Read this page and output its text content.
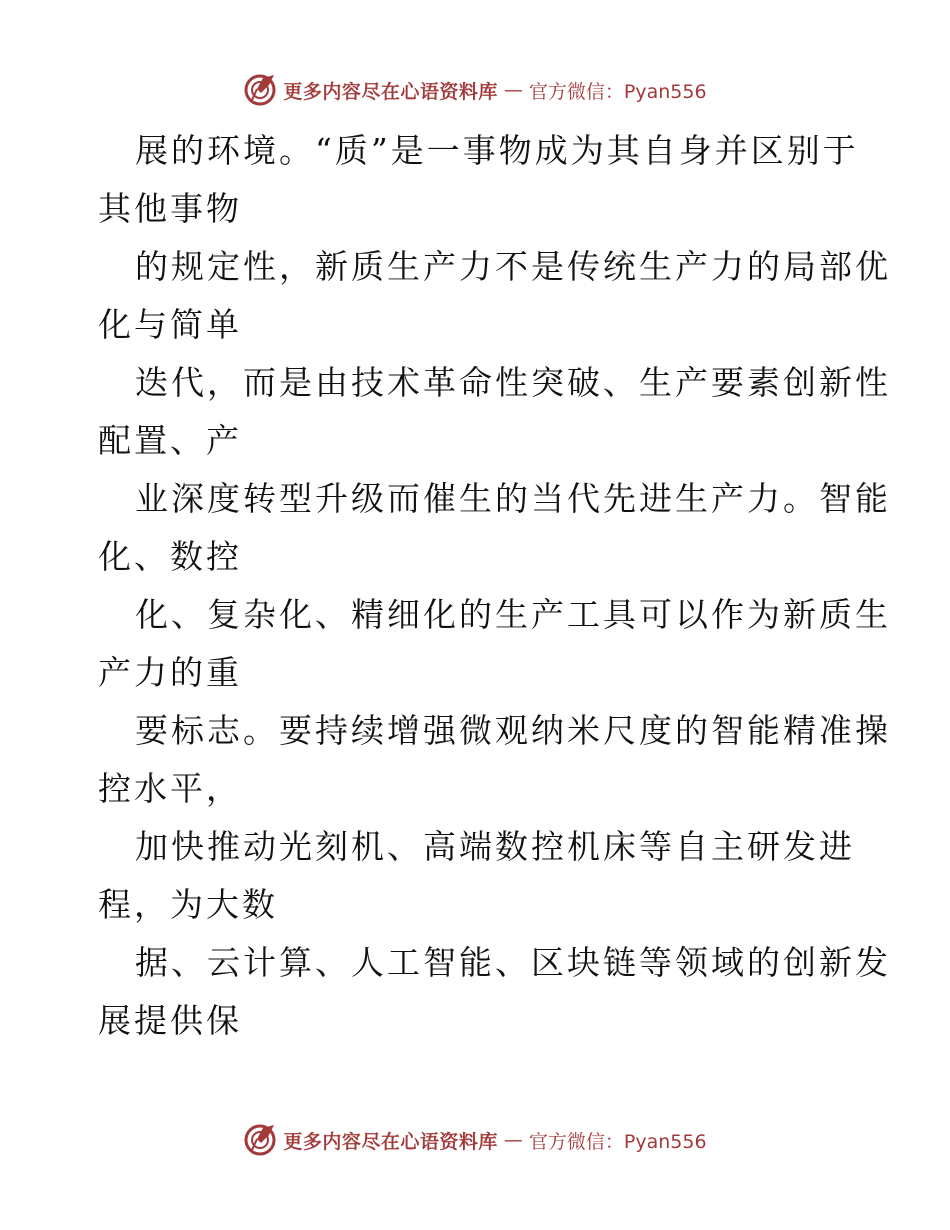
更多内容尽在心语资料库 — 官方微信：Pyan556
展的环境。“质”是一事物成为其自身并区别于
其他事物
的规定性，新质生产力不是传统生产力的局部优
化与简单
迭代，而是由技术革命性突破、生产要素创新性
配置、产
业深度转型升级而催生的当代先进生产力。智能
化、数控
化、复杂化、精细化的生产工具可以作为新质生
产力的重
要标志。要持续增强微观纳米尺度的智能精准操
控水平，
加快推动光刻机、高端数控机床等自主研发进
程，为大数
据、云计算、人工智能、区块链等领域的创新发
展提供保
更多内容尽在心语资料库 — 官方微信：Pyan556
